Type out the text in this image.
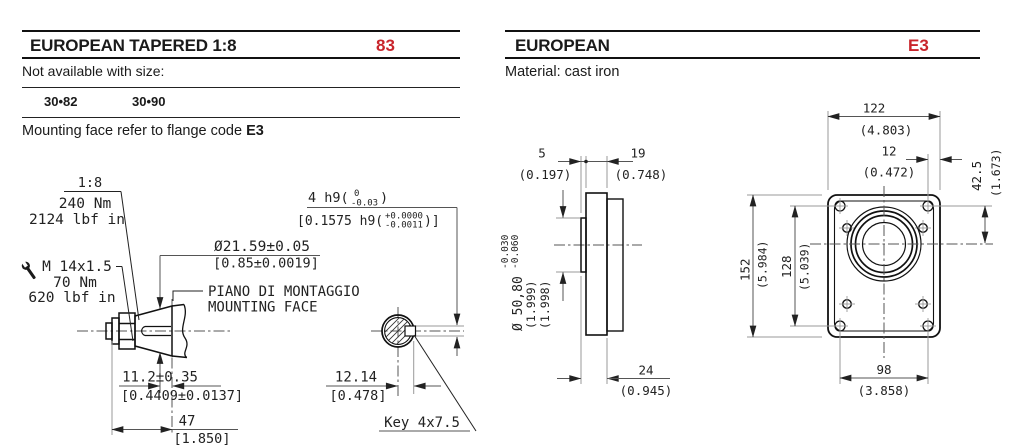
EUROPEAN TAPERED 1:8	83
Not available with size:
30•82	30•90
Mounting face refer to flange code E3
EUROPEAN	E3
Material: cast iron
1:8
240 Nm
2124 lbf in
M 14x1.5
70 Nm
620 lbf in
Ø21.59±0.05
[0.85±0.0019]
PIANO DI MONTAGGIO
MOUNTING FACE
4 h9( 0
-0.03 )
[0.1575 h9( +0.0000
-0.0011 )]
11.2±0.35
[0.4409±0.0137]
12.14
[0.478]
47
[1.850]
Key 4x7.5
5
(0.197)
19
(0.748)
Ø 50,80
-0.030 -0.060
(1.999) (1.998)
24
(0.945)
122
(4.803)
12
(0.472)	42.5 (1.673)
152 (5.984) 128 (5.039)
98
(3.858)
